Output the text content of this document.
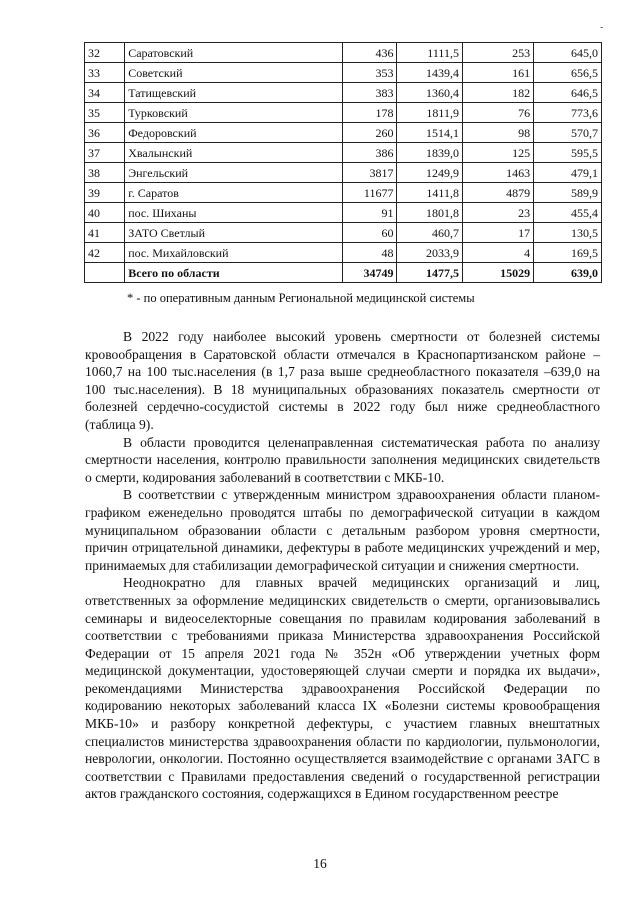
-
32	Саратовский	436	1111,5	253	645,0
33	Советский	353	1439,4	161	656,5
34	Татищевский	383	1360,4	182	646,5
35	Турковский	178	1811,9	76	773,6
36	Федоровский	260	1514,1	98	570,7
37	Хвалынский	386	1839,0	125	595,5
38	Энгельский	3817	1249,9	1463	479,1
39	г. Саратов	11677	1411,8	4879	589,9
40	пос. Шиханы	91	1801,8	23	455,4
41	ЗАТО Светлый	60	460,7	17	130,5
42	пос. Михайловский	48	2033,9	4	169,5
	Всего по области	34749	1477,5	15029	639,0
* - по оперативным данным Региональной медицинской системы

В 2022 году наиболее высокий уровень смертности от болезней системы кровообращения в Саратовской области отмечался в Краснопартизанском районе – 1060,7 на 100 тыс.населения (в 1,7 раза выше среднеобластного показателя –639,0 на 100 тыс.населения). В 18 муниципальных образованиях показатель смертности от болезней сердечно-сосудистой системы в 2022 году был ниже среднеобластного (таблица 9).

В области проводится целенаправленная систематическая работа по анализу смертности населения, контролю правильности заполнения медицинских свидетельств о смерти, кодирования заболеваний в соответствии с МКБ-10.

В соответствии с утвержденным министром здравоохранения области планом-графиком еженедельно проводятся штабы по демографической ситуации в каждом муниципальном образовании области с детальным разбором уровня смертности, причин отрицательной динамики, дефектуры в работе медицинских учреждений и мер, принимаемых для стабилизации демографической ситуации и снижения смертности.

Неоднократно для главных врачей медицинских организаций и лиц, ответственных за оформление медицинских свидетельств о смерти, организовывались семинары и видеоселекторные совещания по правилам кодирования заболеваний в соответствии с требованиями приказа Министерства здравоохранения Российской Федерации от 15 апреля 2021 года № 352н «Об утверждении учетных форм медицинской документации, удостоверяющей случаи смерти и порядка их выдачи», рекомендациями Министерства здравоохранения Российской Федерации по кодированию некоторых заболеваний класса IX «Болезни системы кровообращения МКБ-10» и разбору конкретной дефектуры, с участием главных внештатных специалистов министерства здравоохранения области по кардиологии, пульмонологии, неврологии, онкологии. Постоянно осуществляется взаимодействие с органами ЗАГС в соответствии с Правилами предоставления сведений о государственной регистрации актов гражданского состояния, содержащихся в Едином государственном реестре

16
